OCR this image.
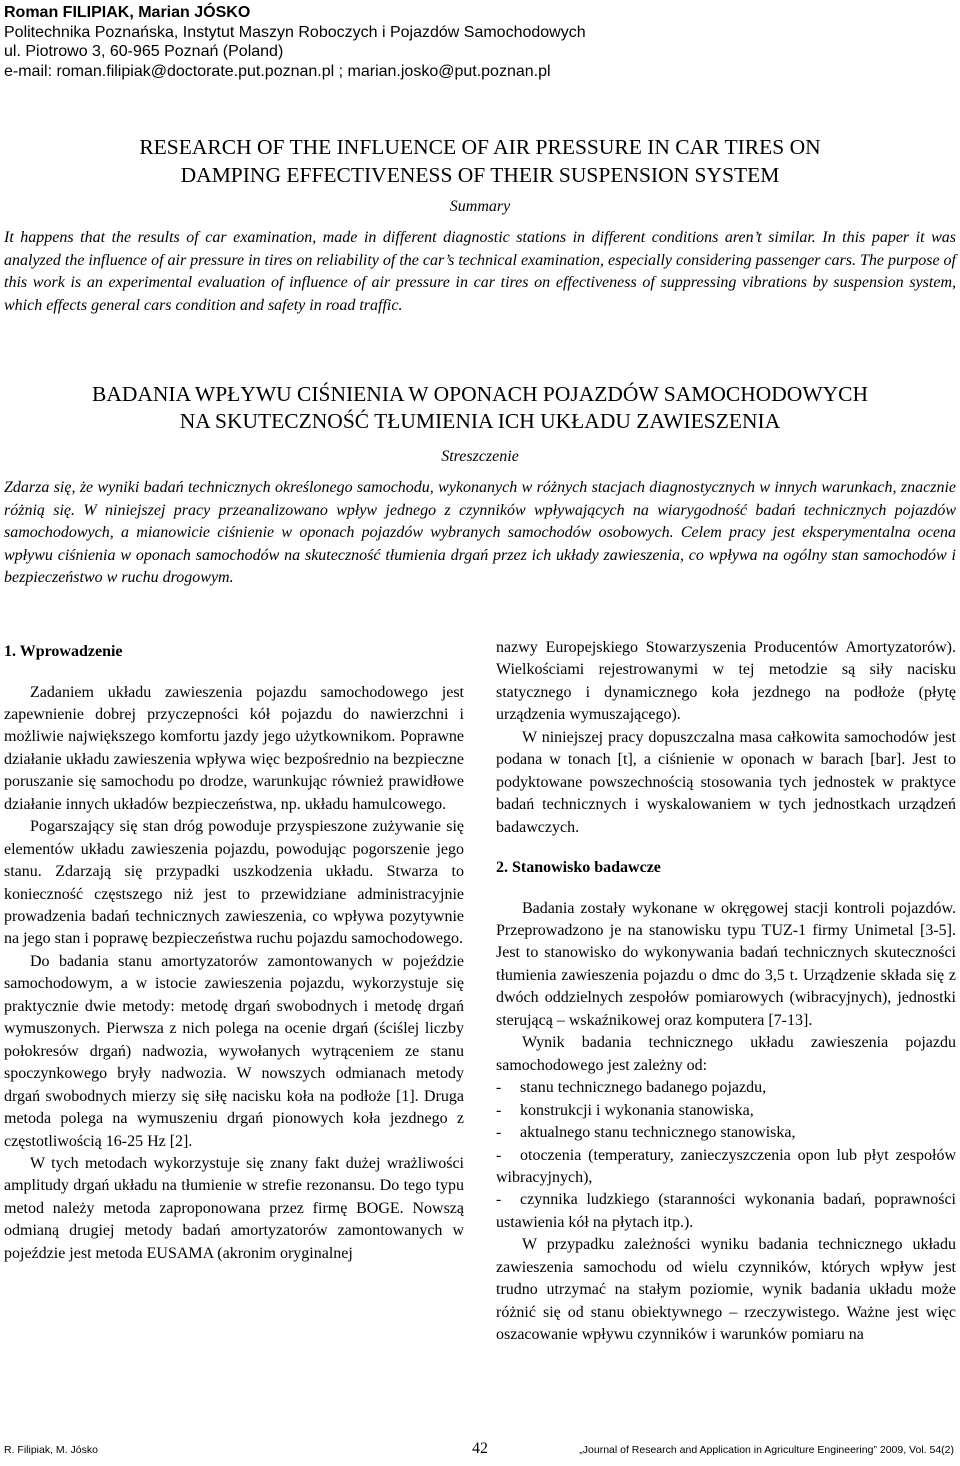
Roman FILIPIAK, Marian JÓSKO
Politechnika Poznańska, Instytut Maszyn Roboczych i Pojazdów Samochodowych
ul. Piotrowo 3, 60-965 Poznań (Poland)
e-mail: roman.filipiak@doctorate.put.poznan.pl ; marian.josko@put.poznan.pl
RESEARCH OF THE INFLUENCE OF AIR PRESSURE IN CAR TIRES ON
DAMPING EFFECTIVENESS OF THEIR SUSPENSION SYSTEM
Summary

It happens that the results of car examination, made in different diagnostic stations in different conditions aren’t similar. In this paper it was analyzed the influence of air pressure in tires on reliability of the car’s technical examination, especially considering passenger cars. The purpose of this work is an experimental evaluation of influence of air pressure in car tires on effectiveness of suppressing vibrations by suspension system, which effects general cars condition and safety in road traffic.

BADANIA WPŁYWU CIŚNIENIA W OPONACH POJAZDÓW SAMOCHODOWYCH
NA SKUTECZNOŚĆ TŁUMIENIA ICH UKŁADU ZAWIESZENIA
Streszczenie

Zdarza się, że wyniki badań technicznych określonego samochodu, wykonanych w różnych stacjach diagnostycznych w innych warunkach, znacznie różnią się. W niniejszej pracy przeanalizowano wpływ jednego z czynników wpływających na wiarygodność badań technicznych pojazdów samochodowych, a mianowicie ciśnienie w oponach pojazdów wybranych samochodów osobowych. Celem pracy jest eksperymentalna ocena wpływu ciśnienia w oponach samochodów na skuteczność tłumienia drgań przez ich układy zawieszenia, co wpływa na ogólny stan samochodów i bezpieczeństwo w ruchu drogowym.

1. Wprowadzenie

Zadaniem układu zawieszenia pojazdu samochodowego jest zapewnienie dobrej przyczepności kół pojazdu do nawierzchni i możliwie największego komfortu jazdy jego użytkownikom. Poprawne działanie układu zawieszenia wpływa więc bezpośrednio na bezpieczne poruszanie się samochodu po drodze, warunkując również prawidłowe działanie innych układów bezpieczeństwa, np. układu hamulcowego.

Pogarszający się stan dróg powoduje przyspieszone zużywanie się elementów układu zawieszenia pojazdu, powodując pogorszenie jego stanu. Zdarzają się przypadki uszkodzenia układu. Stwarza to konieczność częstszego niż jest to przewidziane administracyjnie prowadzenia badań technicznych zawieszenia, co wpływa pozytywnie na jego stan i poprawę bezpieczeństwa ruchu pojazdu samochodowego.

Do badania stanu amortyzatorów zamontowanych w pojeździe samochodowym, a w istocie zawieszenia pojazdu, wykorzystuje się praktycznie dwie metody: metodę drgań swobodnych i metodę drgań wymuszonych. Pierwsza z nich polega na ocenie drgań (ściślej liczby połokresów drgań) nadwozia, wywołanych wytrąceniem ze stanu spoczynkowego bryły nadwozia. W nowszych odmianach metody drgań swobodnych mierzy się siłę nacisku koła na podłoże [1]. Druga metoda polega na wymuszeniu drgań pionowych koła jezdnego z częstotliwością 16-25 Hz [2].

W tych metodach wykorzystuje się znany fakt dużej wrażliwości amplitudy drgań układu na tłumienie w strefie rezonansu. Do tego typu metod należy metoda zaproponowana przez firmę BOGE. Nowszą odmianą drugiej metody badań amortyzatorów zamontowanych w pojeździe jest metoda EUSAMA (akronim oryginalnej

nazwy Europejskiego Stowarzyszenia Producentów Amortyzatorów). Wielkościami rejestrowanymi w tej metodzie są siły nacisku statycznego i dynamicznego koła jezdnego na podłoże (płytę urządzenia wymuszającego).

W niniejszej pracy dopuszczalna masa całkowita samochodów jest podana w tonach [t], a ciśnienie w oponach w barach [bar]. Jest to podyktowane powszechnością stosowania tych jednostek w praktyce badań technicznych i wyskalowaniem w tych jednostkach urządzeń badawczych.

2. Stanowisko badawcze

Badania zostały wykonane w okręgowej stacji kontroli pojazdów. Przeprowadzono je na stanowisku typu TUZ-1 firmy Unimetal [3-5]. Jest to stanowisko do wykonywania badań technicznych skuteczności tłumienia zawieszenia pojazdu o dmc do 3,5 t. Urządzenie składa się z dwóch oddzielnych zespołów pomiarowych (wibracyjnych), jednostki sterującą – wskaźnikowej oraz komputera [7-13].

Wynik badania technicznego układu zawieszenia pojazdu samochodowego jest zależny od:

- stanu technicznego badanego pojazdu,
- konstrukcji i wykonania stanowiska,
- aktualnego stanu technicznego stanowiska,
- otoczenia (temperatury, zanieczyszczenia opon lub płyt zespołów wibracyjnych),
- czynnika ludzkiego (staranności wykonania badań, poprawności ustawienia kół na płytach itp.).

W przypadku zależności wyniku badania technicznego układu zawieszenia samochodu od wielu czynników, których wpływ jest trudno utrzymać na stałym poziomie, wynik badania układu może różnić się od stanu obiektywnego – rzeczywistego. Ważne jest więc oszacowanie wpływu czynników i warunków pomiaru na

R. Filipiak, M. Jósko	42	„Journal of Research and Application in Agriculture Engineering” 2009, Vol. 54(2)
